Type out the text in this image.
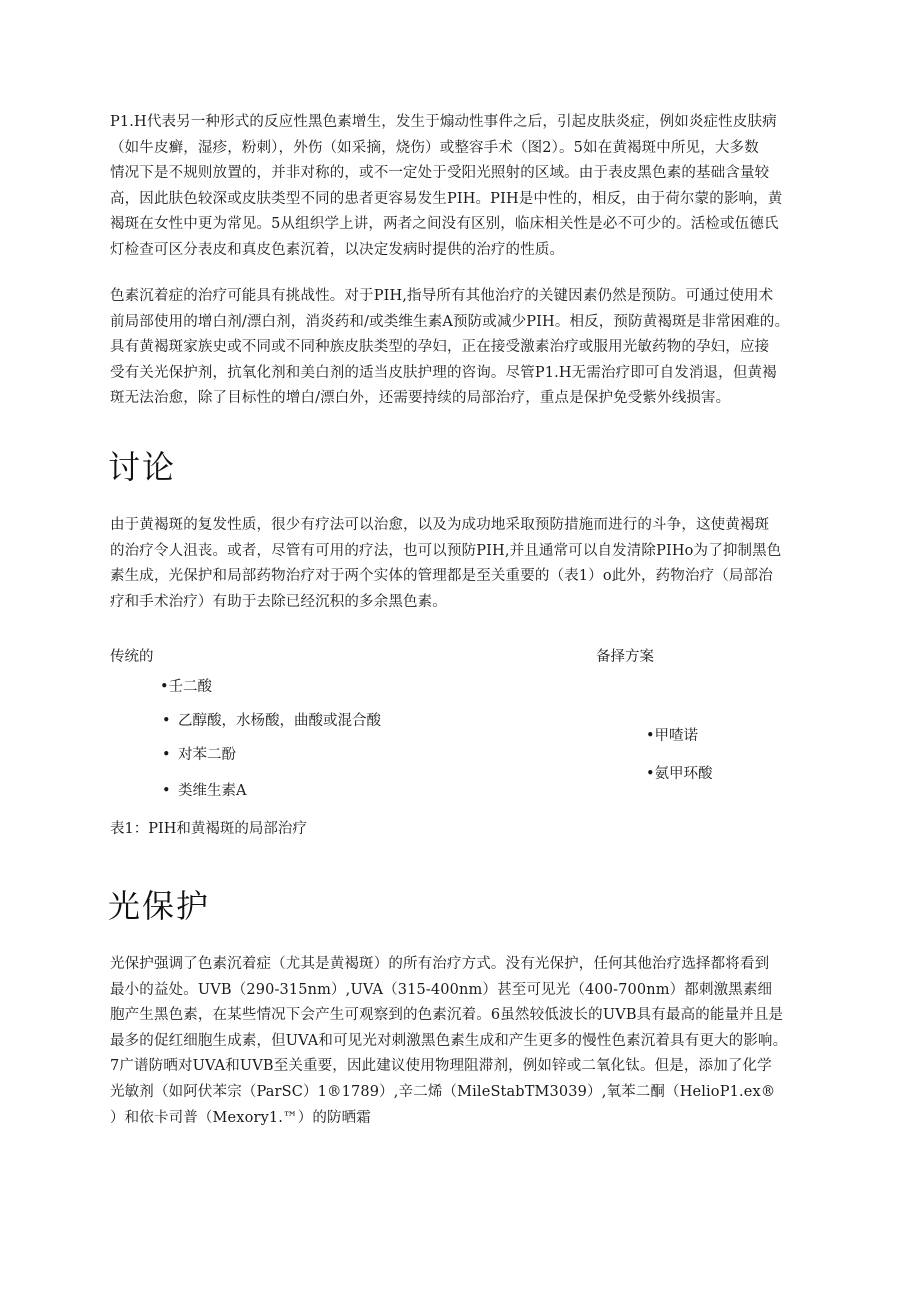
P1.H代表另一种形式的反应性黑色素增生，发生于煽动性事件之后，引起皮肤炎症，例如炎症性皮肤病
（如牛皮癣，湿疹，粉刺），外伤（如采摘，烧伤）或整容手术（图2）。5如在黄褐斑中所见，大多数
情况下是不规则放置的，并非对称的，或不一定处于受阳光照射的区域。由于表皮黑色素的基础含量较
高，因此肤色较深或皮肤类型不同的患者更容易发生PIH。PIH是中性的，相反，由于荷尔蒙的影响，黄
褐斑在女性中更为常见。5从组织学上讲，两者之间没有区别，临床相关性是必不可少的。活检或伍德氏
灯检查可区分表皮和真皮色素沉着，以决定发病时提供的治疗的性质。
色素沉着症的治疗可能具有挑战性。对于PIH,指导所有其他治疗的关键因素仍然是预防。可通过使用术
前局部使用的增白剂/漂白剂，消炎药和/或类维生素A预防或减少PIH。相反，预防黄褐斑是非常困难的。
具有黄褐斑家族史或不同或不同种族皮肤类型的孕妇，正在接受激素治疗或服用光敏药物的孕妇，应接
受有关光保护剂，抗氧化剂和美白剂的适当皮肤护理的咨询。尽管P1.H无需治疗即可自发消退，但黄褐
斑无法治愈，除了目标性的增白/漂白外，还需要持续的局部治疗，重点是保护免受紫外线损害。
讨论
由于黄褐斑的复发性质，很少有疗法可以治愈，以及为成功地采取预防措施而进行的斗争，这使黄褐斑
的治疗令人沮丧。或者，尽管有可用的疗法，也可以预防PIH,并且通常可以自发清除PIHo为了抑制黑色
素生成，光保护和局部药物治疗对于两个实体的管理都是至关重要的（表1）o此外，药物治疗（局部治
疗和手术治疗）有助于去除已经沉积的多余黑色素。
传统的	备择方案
•壬二酸
• 乙醇酸，水杨酸，曲酸或混合酸
• 对苯二酚
• 类维生素A
•甲喳诺
•氨甲环酸
表1：PIH和黄褐斑的局部治疗
光保护
光保护强调了色素沉着症（尤其是黄褐斑）的所有治疗方式。没有光保护，任何其他治疗选择都将看到
最小的益处。UVB（290-315nm）,UVA（315-400nm）甚至可见光（400-700nm）都刺激黑素细
胞产生黑色素，在某些情况下会产生可观察到的色素沉着。6虽然较低波长的UVB具有最高的能量并且是
最多的促红细胞生成素，但UVA和可见光对刺激黑色素生成和产生更多的慢性色素沉着具有更大的影响。
7广谱防晒对UVA和UVB至关重要，因此建议使用物理阻滞剂，例如锌或二氧化钛。但是，添加了化学
光敏剂（如阿伏苯宗（ParSC）1®1789）,辛二烯（MileStabTM3039）,氧苯二酮（HelioP1.ex®
）和依卡司普（Mexory1.™）的防晒霜
